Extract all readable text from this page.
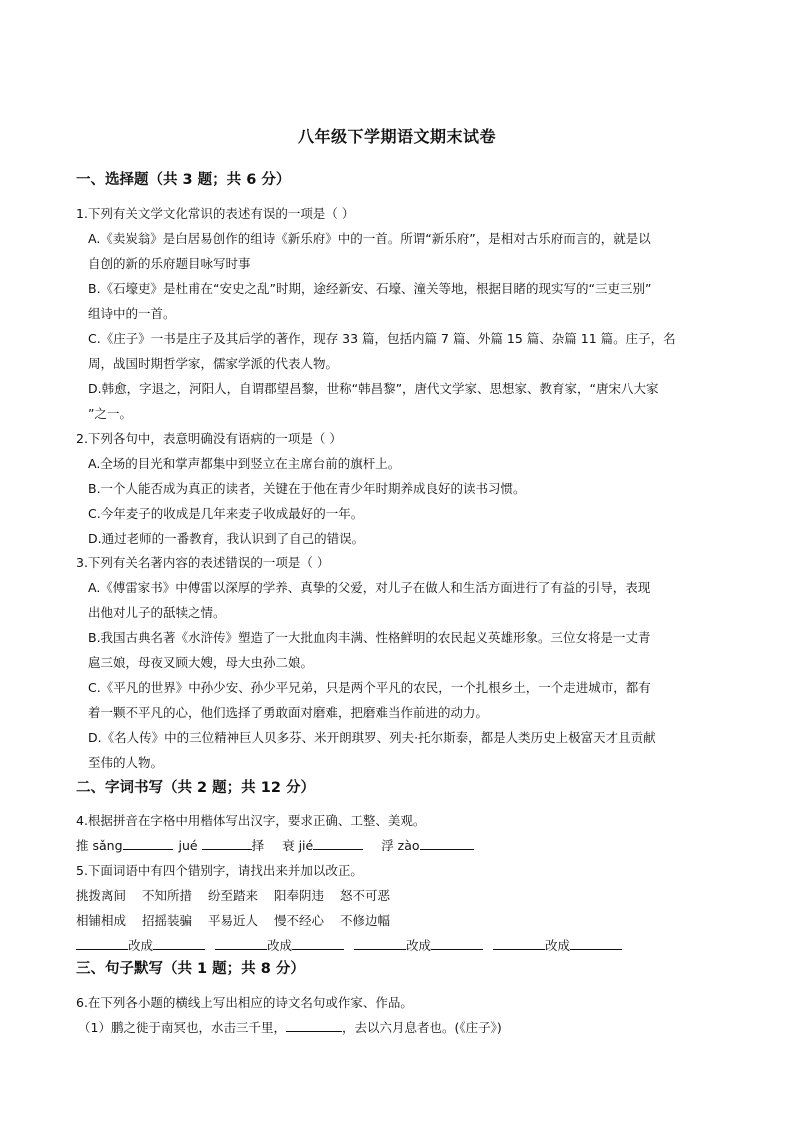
八年级下学期语文期末试卷
一、选择题（共 3 题；共 6 分）
1.下列有关文学文化常识的表述有误的一项是（ ）
A.《卖炭翁》是白居易创作的组诗《新乐府》中的一首。所谓“新乐府”，是相对古乐府而言的，就是以
自创的新的乐府题目咏写时事
B.《石壕吏》是杜甫在“安史之乱”时期，途经新安、石壕、潼关等地，根据目睹的现实写的“三吏三别”
组诗中的一首。
C.《庄子》一书是庄子及其后学的著作，现存 33 篇，包括内篇 7 篇、外篇 15 篇、杂篇 11 篇。庄子，名
周，战国时期哲学家，儒家学派的代表人物。
D.韩愈，字退之，河阳人，自谓郡望昌黎，世称“韩昌黎”，唐代文学家、思想家、教育家，“唐宋八大家
”之一。
2.下列各句中，表意明确没有语病的一项是（ ）
A.全场的目光和掌声都集中到竖立在主席台前的旗杆上。
B.一个人能否成为真正的读者，关键在于他在青少年时期养成良好的读书习惯。
C.今年麦子的收成是几年来麦子收成最好的一年。
D.通过老师的一番教育，我认识到了自己的错误。
3.下列有关名著内容的表述错误的一项是（ ）
A.《傅雷家书》中傅雷以深厚的学养、真挚的父爱，对儿子在做人和生活方面进行了有益的引导，表现
出他对儿子的舐犊之情。
B.我国古典名著《水浒传》塑造了一大批血肉丰满、性格鲜明的农民起义英雄形象。三位女将是一丈青
扈三娘，母夜叉顾大嫂，母大虫孙二娘。
C.《平凡的世界》中孙少安、孙少平兄弟，只是两个平凡的农民，一个扎根乡土，一个走进城市，都有
着一颗不平凡的心，他们选择了勇敢面对磨难，把磨难当作前进的动力。
D.《名人传》中的三位精神巨人贝多芬、米开朗琪罗、列夫·托尔斯泰，都是人类历史上极富天才且贡献
至伟的人物。
二、字词书写（共 2 题；共 12 分）
4.根据拼音在字格中用楷体写出汉字，要求正确、工整、美观。
推 sǎng	jué	择 衰 jié	浮 zào
5.下面词语中有四个错别字，请找出来并加以改正。
挑拨离间 不知所措 纷至踏来 阳奉阴违 怒不可恶
相铺相成 招摇装骗 平易近人 慢不经心 不修边幅
改成	改成	改成	改成
三、句子默写（共 1 题；共 8 分）
6.在下列各小题的横线上写出相应的诗文名句或作家、作品。
（1）鹏之徙于南冥也，水击三千里，	，去以六月息者也。(《庄子》)
